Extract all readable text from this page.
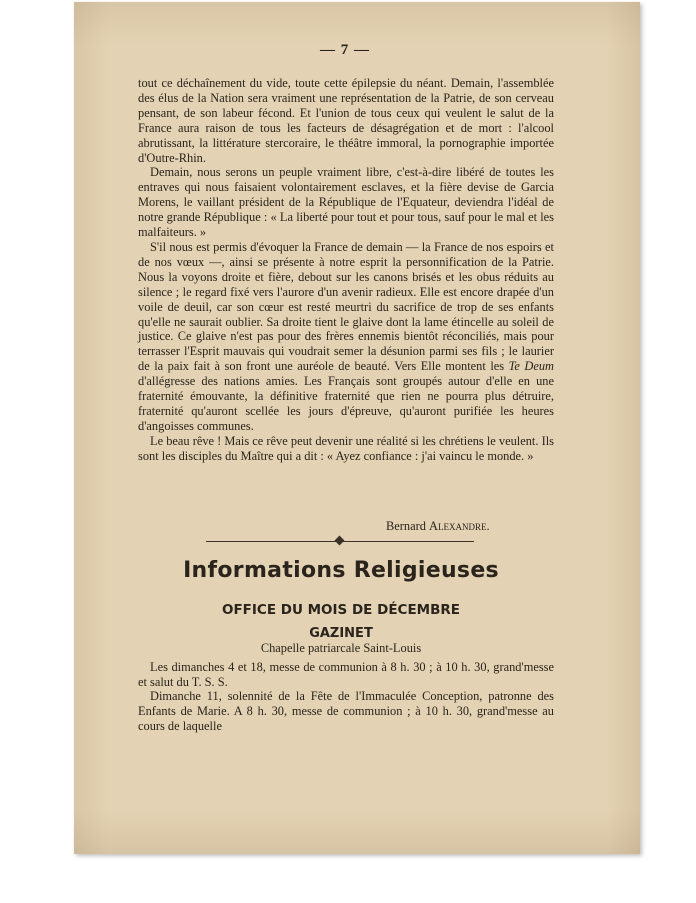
— 7 —

tout ce déchaînement du vide, toute cette épilepsie du néant. Demain, l'assemblée des élus de la Nation sera vraiment une représentation de la Patrie, de son cerveau pensant, de son labeur fécond. Et l'union de tous ceux qui veulent le salut de la France aura raison de tous les facteurs de désagrégation et de mort : l'alcool abrutissant, la littérature stercoraire, le théâtre immoral, la pornographie importée d'Outre-Rhin.

Demain, nous serons un peuple vraiment libre, c'est-à-dire libéré de toutes les entraves qui nous faisaient volontairement esclaves, et la fière devise de Garcia Morens, le vaillant président de la République de l'Equateur, deviendra l'idéal de notre grande République : « La liberté pour tout et pour tous, sauf pour le mal et les malfaiteurs. »

S'il nous est permis d'évoquer la France de demain — la France de nos espoirs et de nos vœux —, ainsi se présente à notre esprit la personnification de la Patrie. Nous la voyons droite et fière, debout sur les canons brisés et les obus réduits au silence ; le regard fixé vers l'aurore d'un avenir radieux. Elle est encore drapée d'un voile de deuil, car son cœur est resté meurtri du sacrifice de trop de ses enfants qu'elle ne saurait oublier. Sa droite tient le glaive dont la lame étincelle au soleil de justice. Ce glaive n'est pas pour des frères ennemis bientôt réconciliés, mais pour terrasser l'Esprit mauvais qui voudrait semer la désunion parmi ses fils ; le laurier de la paix fait à son front une auréole de beauté. Vers Elle montent les Te Deum d'allégresse des nations amies. Les Français sont groupés autour d'elle en une fraternité émouvante, la définitive fraternité que rien ne pourra plus détruire, fraternité qu'auront scellée les jours d'épreuve, qu'auront purifiée les heures d'angoisses communes.

Le beau rêve ! Mais ce rêve peut devenir une réalité si les chrétiens le veulent. Ils sont les disciples du Maître qui a dit : « Ayez confiance : j'ai vaincu le monde. »

Bernard Alexandre.
Informations Religieuses
OFFICE DU MOIS DE DÉCEMBRE
GAZINET
Chapelle patriarcale Saint-Louis

Les dimanches 4 et 18, messe de communion à 8 h. 30 ; à 10 h. 30, grand'messe et salut du T. S. S.

Dimanche 11, solennité de la Fête de l'Immaculée Conception, patronne des Enfants de Marie. A 8 h. 30, messe de communion ; à 10 h. 30, grand'messe au cours de laquelle
